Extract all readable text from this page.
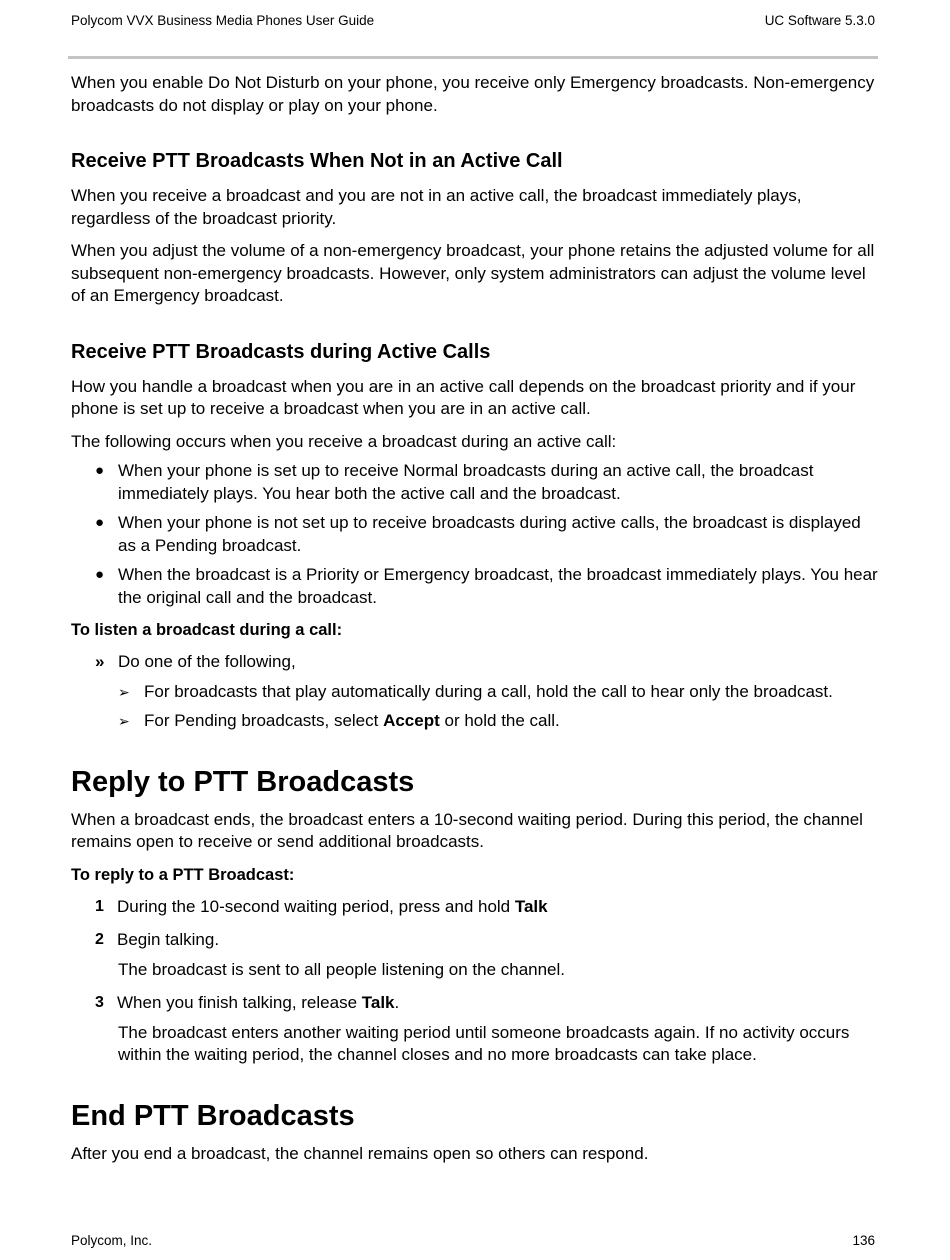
Polycom VVX Business Media Phones User Guide	UC Software 5.3.0

When you enable Do Not Disturb on your phone, you receive only Emergency broadcasts. Non-emergency broadcasts do not display or play on your phone.

Receive PTT Broadcasts When Not in an Active Call

When you receive a broadcast and you are not in an active call, the broadcast immediately plays, regardless of the broadcast priority.

When you adjust the volume of a non-emergency broadcast, your phone retains the adjusted volume for all subsequent non-emergency broadcasts. However, only system administrators can adjust the volume level of an Emergency broadcast.

Receive PTT Broadcasts during Active Calls

How you handle a broadcast when you are in an active call depends on the broadcast priority and if your phone is set up to receive a broadcast when you are in an active call.

The following occurs when you receive a broadcast during an active call:

● When your phone is set up to receive Normal broadcasts during an active call, the broadcast immediately plays. You hear both the active call and the broadcast.
● When your phone is not set up to receive broadcasts during active calls, the broadcast is displayed as a Pending broadcast.
● When the broadcast is a Priority or Emergency broadcast, the broadcast immediately plays. You hear the original call and the broadcast.
To listen a broadcast during a call:
» Do one of the following,
➢ For broadcasts that play automatically during a call, hold the call to hear only the broadcast.
➢ For Pending broadcasts, select Accept or hold the call.
Reply to PTT Broadcasts

When a broadcast ends, the broadcast enters a 10-second waiting period. During this period, the channel remains open to receive or send additional broadcasts.

To reply to a PTT Broadcast:
1 During the 10-second waiting period, press and hold Talk
2 Begin talking.
The broadcast is sent to all people listening on the channel.
3 When you finish talking, release Talk.
The broadcast enters another waiting period until someone broadcasts again. If no activity occurs within the waiting period, the channel closes and no more broadcasts can take place.
End PTT Broadcasts

After you end a broadcast, the channel remains open so others can respond.

Polycom, Inc.	136
